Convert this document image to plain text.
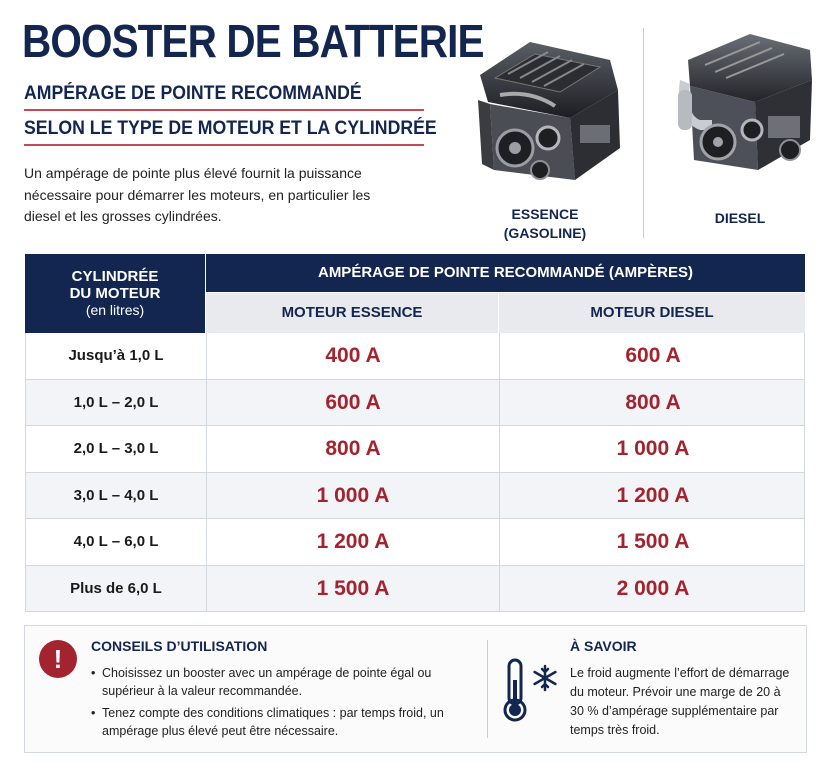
BOOSTER DE BATTERIE
AMPÉRAGE DE POINTE RECOMMANDÉ
SELON LE TYPE DE MOTEUR ET LA CYLINDRÉE
Un ampérage de pointe plus élevé fournit la puissance nécessaire pour démarrer les moteurs, en particulier les diesel et les grosses cylindrées.	ESSENCE
(GASOLINE)
DIESEL
CYLINDRÉE
DU MOTEUR
(en litres)
AMPÉRAGE DE POINTE RECOMMANDÉ (AMPÈRES)
MOTEUR ESSENCE	MOTEUR DIESEL
Jusqu’à 1,0 L	400 A	600 A
1,0 L – 2,0 L	600 A	800 A
2,0 L – 3,0 L	800 A	1 000 A
3,0 L – 4,0 L	1 000 A	1 200 A
4,0 L – 6,0 L	1 200 A	1 500 A
Plus de 6,0 L	1 500 A	2 000 A
!	CONSEILS D’UTILISATION
• Choisissez un booster avec un ampérage de pointe égal ou supérieur à la valeur recommandée.
• Tenez compte des conditions climatiques : par temps froid, un ampérage plus élevé peut être nécessaire.
À SAVOIR
Le froid augmente l’effort de démarrage du moteur. Prévoir une marge de 20 à 30 % d’ampérage supplémentaire par temps très froid.
